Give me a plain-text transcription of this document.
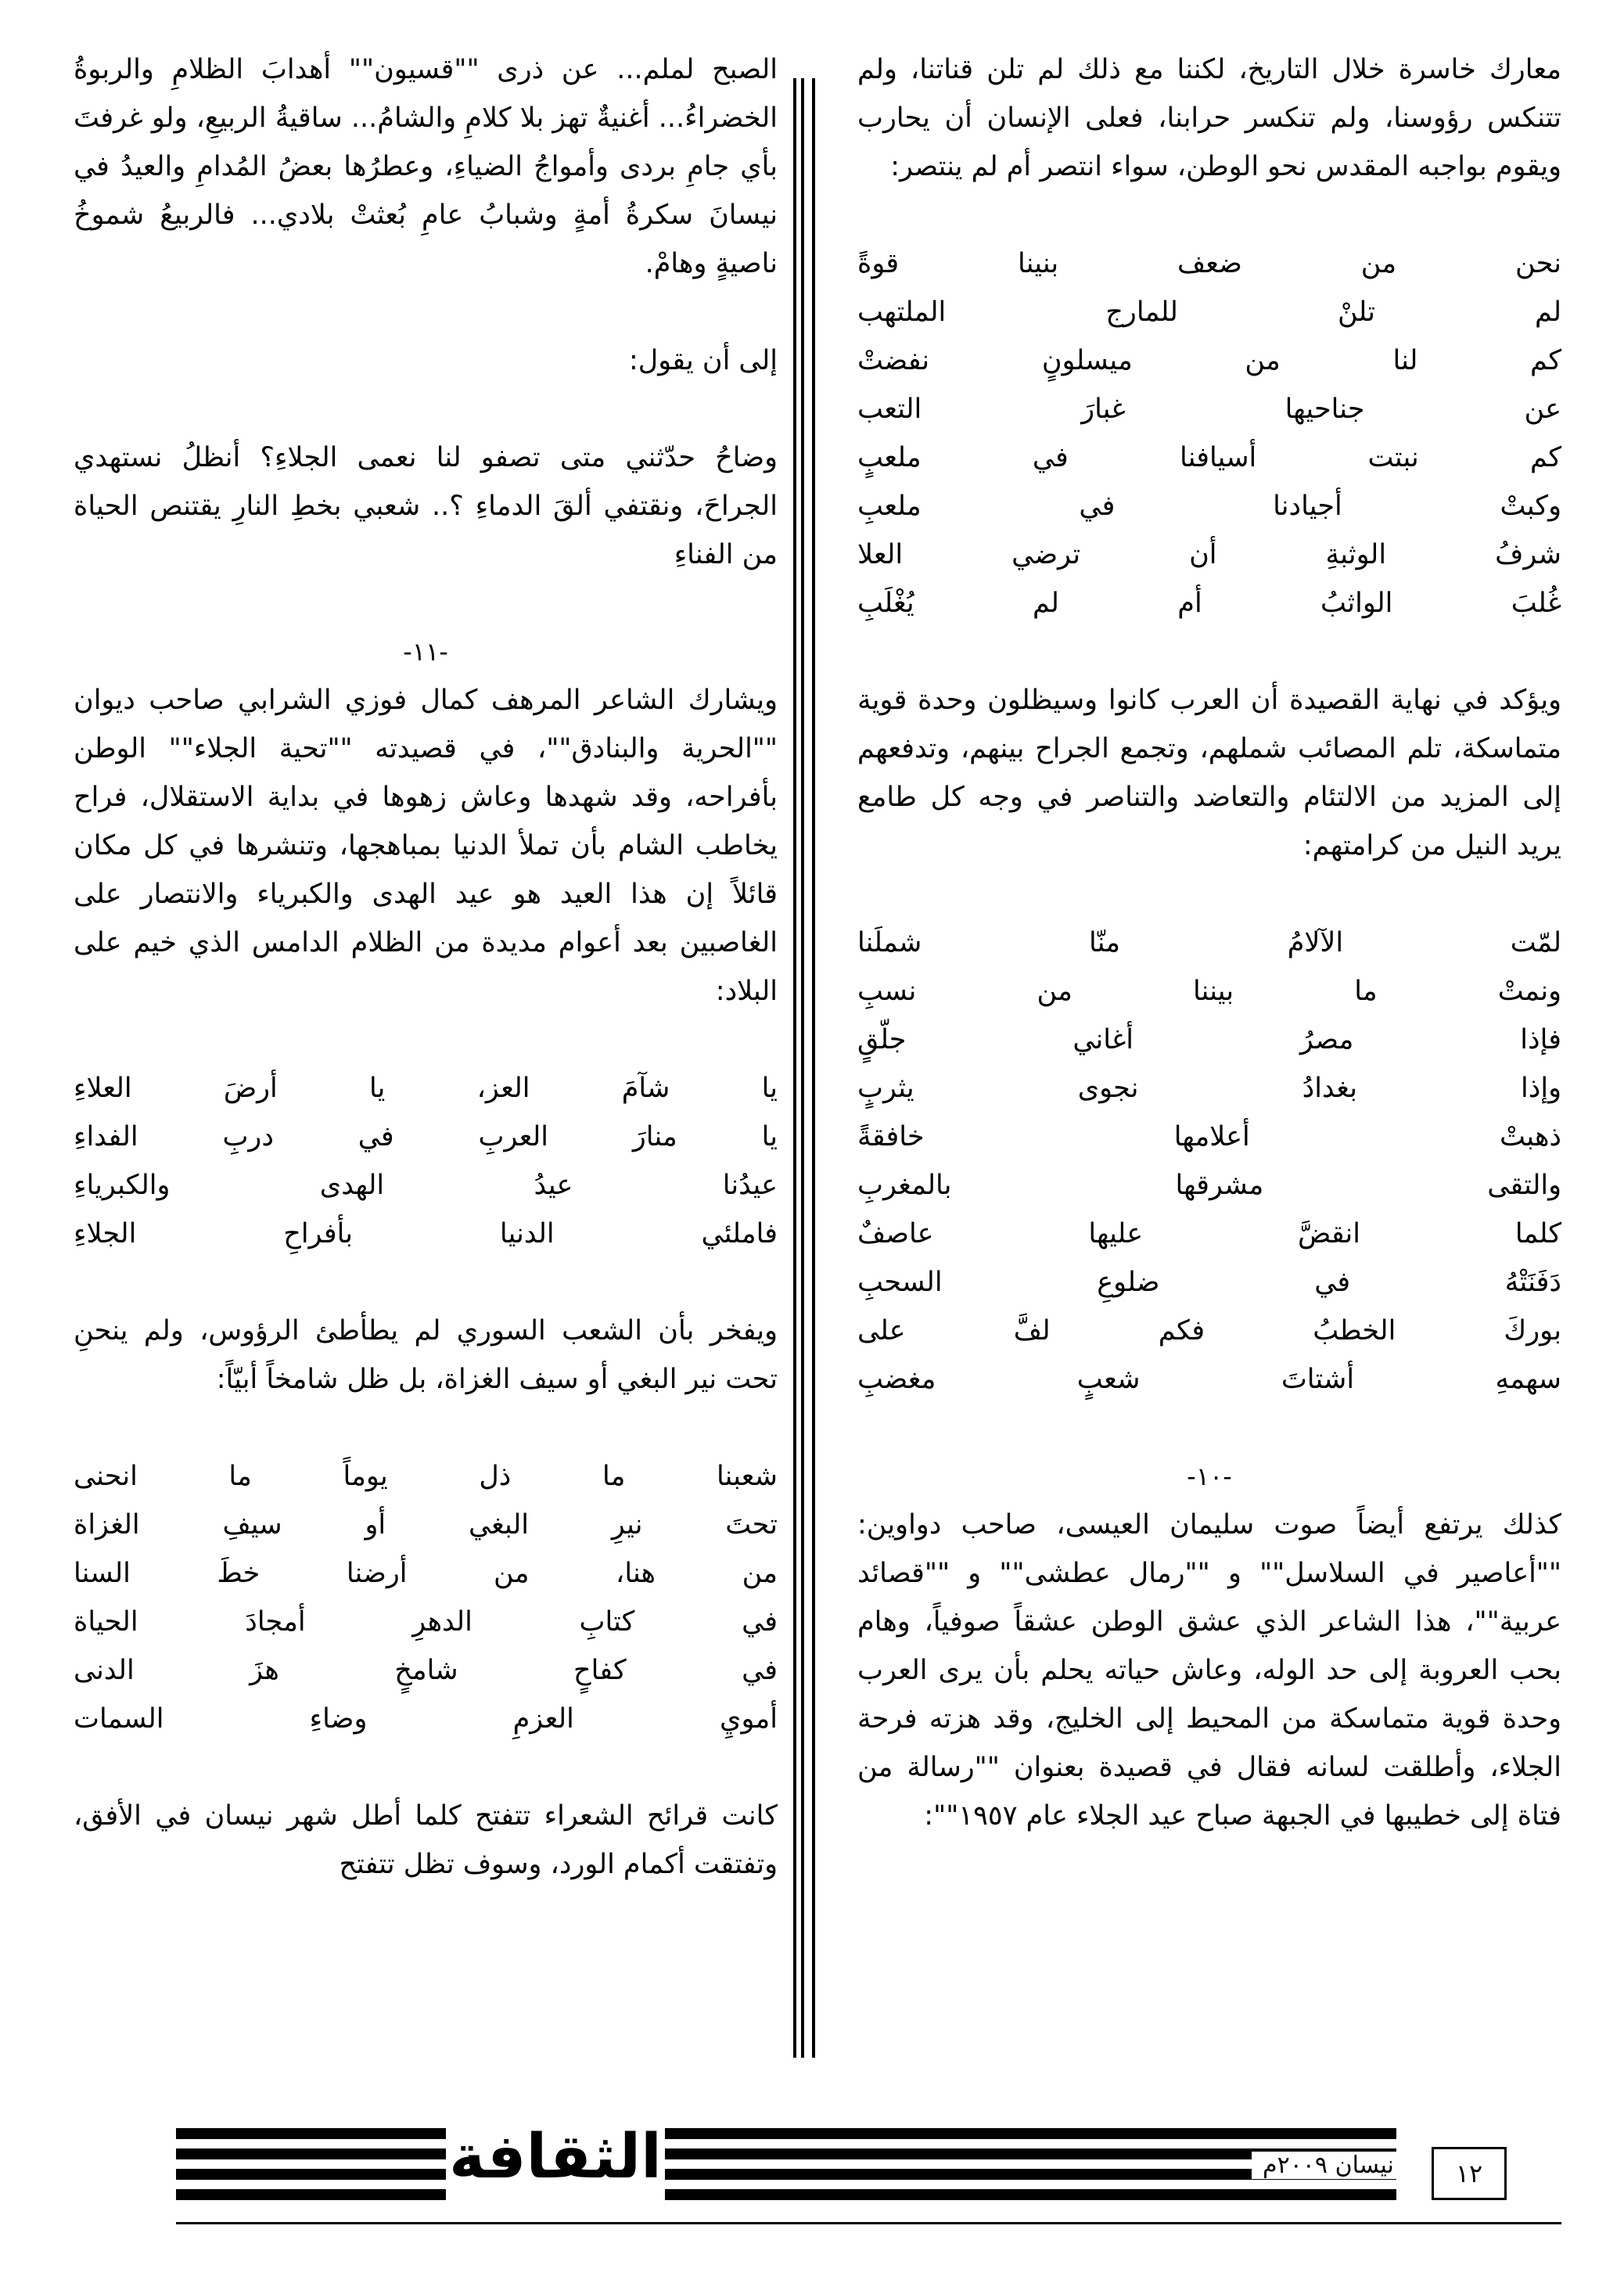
معارك خاسرة خلال التاريخ، لكننا مع ذلك لم تلن قناتنا، ولم تتنكس رؤوسنا، ولم تنكسر حرابنا، فعلى الإنسان أن يحارب ويقوم بواجبه المقدس نحو الوطن، سواء انتصر أم لم ينتصر:

نحن من ضعف بنينا قوةً

لم تلنْ للمارج الملتهب

كم لنا من ميسلونٍ نفضتْ

عن جناحيها غبارَ التعب

كم نبتت أسيافنا في ملعبٍ

وكبتْ أجيادنا في ملعبِ

شرفُ الوثبةِ أن ترضي العلا

غُلبَ الواثبُ أم لم يُغْلَبِ

ويؤكد في نهاية القصيدة أن العرب كانوا وسيظلون وحدة قوية متماسكة، تلم المصائب شملهم، وتجمع الجراح بينهم، وتدفعهم إلى المزيد من الالتئام والتعاضد والتناصر في وجه كل طامع يريد النيل من كرامتهم:

لمّت الآلامُ منّا شملَنا

ونمتْ ما بيننا من نسبِ

فإذا مصرُ أغاني جلّقٍ

وإذا بغدادُ نجوى يثربٍ

ذهبتْ أعلامها خافقةً

والتقى مشرقها بالمغربِ

كلما انقضَّ عليها عاصفٌ

دَفَنَتْهُ في ضلوعِ السحبِ

بوركَ الخطبُ فكم لفَّ على

سهمهِ أشتاتَ شعبٍ مغضبِ

-١٠-

كذلك يرتفع أيضاً صوت سليمان العيسى، صاحب دواوين: ""أعاصير في السلاسل"" و ""رمال عطشى"" و ""قصائد عربية""، هذا الشاعر الذي عشق الوطن عشقاً صوفياً، وهام بحب العروبة إلى حد الوله، وعاش حياته يحلم بأن يرى العرب وحدة قوية متماسكة من المحيط إلى الخليج، وقد هزته فرحة الجلاء، وأطلقت لسانه فقال في قصيدة بعنوان ""رسالة من فتاة إلى خطيبها في الجبهة صباح عيد الجلاء عام ١٩٥٧"":

الصبح لملم... عن ذرى ""قسيون"" أهدابَ الظلامِ والربوةُ الخضراءُ... أغنيةٌ تهز بلا كلامِ والشامُ... ساقيةُ الربيعِ، ولو غرفتَ بأي جامِ بردى وأمواجُ الضياءِ، وعطرُها بعضُ المُدامِ والعيدُ في نيسانَ سكرةُ أمةٍ وشبابُ عامِ بُعثتْ بلادي... فالربيعُ شموخُ ناصيةٍ وهامْ.

إلى أن يقول:

وضاحُ حدّثني متى تصفو لنا نعمى الجلاءِ؟ أنظلُ نستهدي الجراحَ، ونقتفي ألقَ الدماءِ ؟.. شعبي بخطِ النارِ يقتنص الحياة من الفناءِ

-١١-

ويشارك الشاعر المرهف كمال فوزي الشرابي صاحب ديوان ""الحرية والبنادق""، في قصيدته ""تحية الجلاء"" الوطن بأفراحه، وقد شهدها وعاش زهوها في بداية الاستقلال، فراح يخاطب الشام بأن تملأ الدنيا بمباهجها، وتنشرها في كل مكان قائلاً إن هذا العيد هو عيد الهدى والكبرياء والانتصار على الغاصبين بعد أعوام مديدة من الظلام الدامس الذي خيم على البلاد:

يا شآمَ العز، يا أرضَ العلاءِ

يا منارَ العربِ في دربِ الفداءِ

عيدُنا عيدُ الهدى والكبرياءِ

فاملئي الدنيا بأفراحِ الجلاءِ

ويفخر بأن الشعب السوري لم يطأطئ الرؤوس، ولم ينحنِ تحت نير البغي أو سيف الغزاة، بل ظل شامخاً أبيّاً:

شعبنا ما ذل يوماً ما انحنى

تحتَ نيرِ البغي أو سيفِ الغزاة

من هنا، من أرضنا خطَ السنا

في كتابِ الدهرِ أمجادَ الحياة

في كفاحٍ شامخٍ هزَ الدنى

أمويِ العزمِ وضاءِ السمات

كانت قرائح الشعراء تتفتح كلما أطل شهر نيسان في الأفق، وتفتقت أكمام الورد، وسوف تظل تتفتح

الثقافة	نيسان ٢٠٠٩م	١٢
